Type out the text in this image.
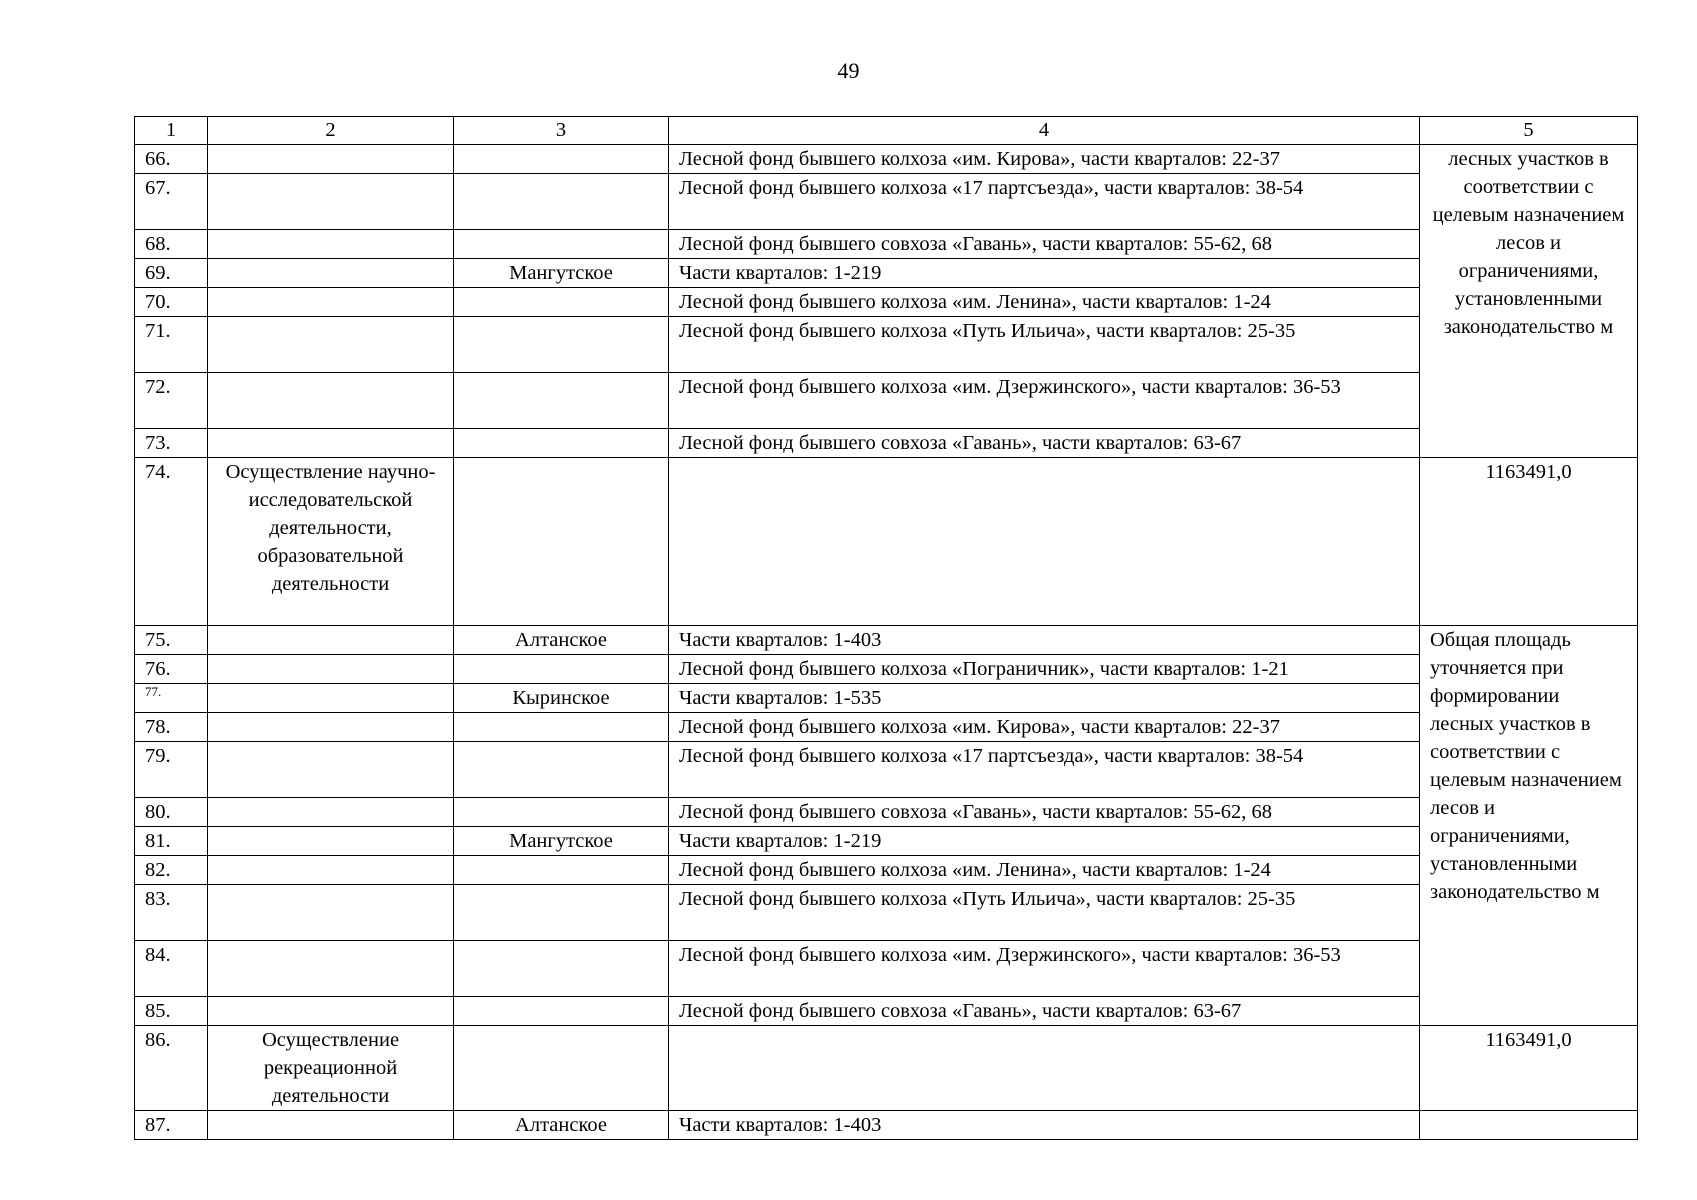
49
1	2	3	4	5
66.			Лесной фонд бывшего колхоза «им. Кирова», части кварталов: 22-37	лесных участков в соответствии с целевым назначением лесов и ограничениями, установленными законодательство м
67.			Лесной фонд бывшего колхоза «17 партсъезда», части кварталов: 38-54	
68.			Лесной фонд бывшего совхоза «Гавань», части кварталов: 55-62, 68	
69.		Мангутское	Части кварталов: 1-219	
70.			Лесной фонд бывшего колхоза «им. Ленина», части кварталов: 1-24	
71.			Лесной фонд бывшего колхоза «Путь Ильича», части кварталов: 25-35	
72.			Лесной фонд бывшего колхоза «им. Дзержинского», части кварталов: 36-53	
73.			Лесной фонд бывшего совхоза «Гавань», части кварталов: 63-67	
74.	Осуществление научно-исследовательской деятельности, образовательной деятельности			1163491,0
75.		Алтанское	Части кварталов: 1-403	Общая площадь уточняется при формировании лесных участков в соответствии с целевым назначением лесов и ограничениями, установленными законодательство м
76.			Лесной фонд бывшего колхоза «Пограничник», части кварталов: 1-21	
77.		Кыринское	Части кварталов: 1-535	
78.			Лесной фонд бывшего колхоза «им. Кирова», части кварталов: 22-37	
79.			Лесной фонд бывшего колхоза «17 партсъезда», части кварталов: 38-54	
80.			Лесной фонд бывшего совхоза «Гавань», части кварталов: 55-62, 68	
81.		Мангутское	Части кварталов: 1-219	
82.			Лесной фонд бывшего колхоза «им. Ленина», части кварталов: 1-24	
83.			Лесной фонд бывшего колхоза «Путь Ильича», части кварталов: 25-35	
84.			Лесной фонд бывшего колхоза «им. Дзержинского», части кварталов: 36-53	
85.			Лесной фонд бывшего совхоза «Гавань», части кварталов: 63-67	
86.	Осуществление рекреационной деятельности			1163491,0
87.		Алтанское	Части кварталов: 1-403	
